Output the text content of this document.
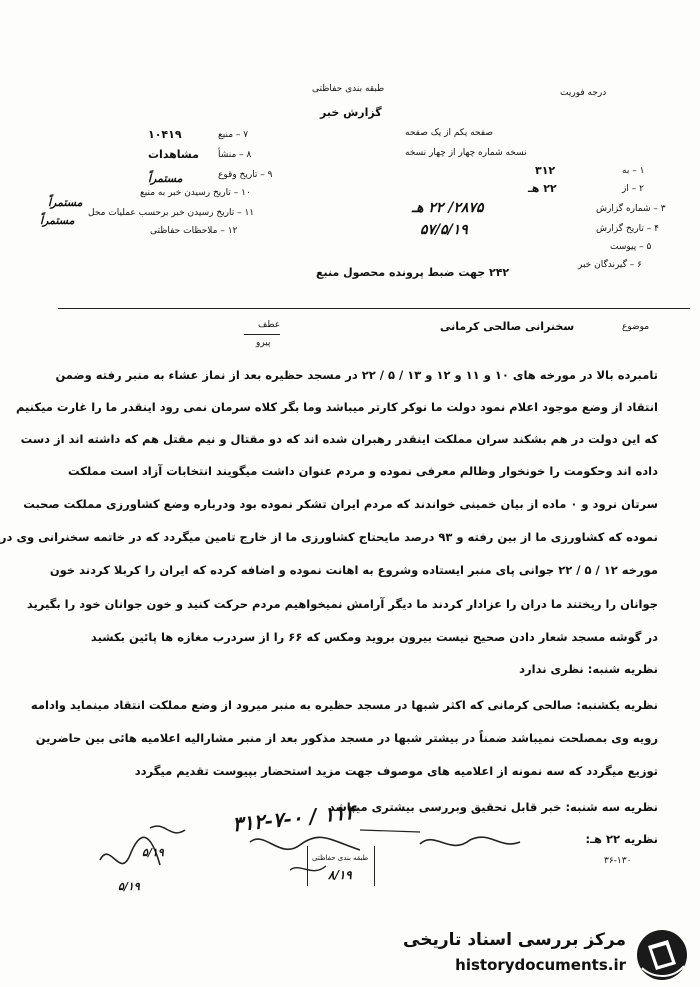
درجه فوریت
طبقه بندی حفاظتی
گزارش خبر
صفحه یکم از یک صفحه
نسخه شماره چهار از چهار نسخه
۷ – منبع
۱۰۴۱۹
۸ – منشأ
مشاهدات
۹ – تاریخ وقوع
مستمراً
۱۰ – تاریخ رسیدن خبر به منبع
مستمراً
۱۱ – تاریخ رسیدن خبر برحسب عملیات محل
مستمراً
۱۲ – ملاحظات حفاظتی
۱ – به
۳۱۲
۲ – از
۲۲ هـ
۳ – شماره گزارش
۲۸۷۵/ ۲۲ هـ
۴ – تاریخ گزارش
۵۷/۵/۱۹
۵ – پیوست
۶ – گیرندگان خبر
۲۴۲ جهت ضبط پرونده محصول منبع
موضوع
سخنرانی صالحی کرمانی
عطف
پیرو
تامبرده بالا در مورخه های ۱۰ و ۱۱ و ۱۲ و ۱۳ / ۵ / ۲۲ در مسجد حظیره بعد از نماز عشاء به منبر رفته وضمن
انتقاد از وضع موجود اعلام نمود دولت ما نوکر کارتر میباشد وما بگر کلاه سرمان نمی رود اینقدر ما را غارت میکنیم
که این دولت در هم بشکند سران مملکت اینقدر رهبران شده اند که دو مقتال و نیم مقتل هم که داشته اند از دست
داده اند وحکومت را خونخوار وظالم معرفی نموده و مردم عنوان داشت میگویند انتخابات آزاد است مملکت
سرتان نرود و ۰ ماده از بیان خمینی خواندند که مردم ایران تشکر نموده بود ودرباره وضع کشاورزی مملکت صحبت
نموده که کشاورزی ما از بین رفته و ۹۳ درصد مایحتاج کشاورزی ما از خارج تامین میگردد که در خاتمه سخنرانی وی در
مورخه ۱۲ / ۵ / ۲۲ جوانی پای منبر ایستاده وشروع به اهانت نموده و اضافه کرده که ایران را کربلا کردند خون
جوانان را ریختند ما دران را عزادار کردند ما دیگر آرامش نمیخواهیم مردم حرکت کنید و خون جوانان خود را بگیرید
در گوشه مسجد شعار دادن صحیح نیست بیرون بروید ومکس که ۶۶ را از سردرب مغازه ها پائین بکشید
نظریه شنبه: نظری ندارد
نظریه یکشنبه: صالحی کرمانی که اکثر شبها در مسجد حظیره به منبر میرود از وضع مملکت انتقاد مینماید وادامه
رویه وی بمصلحت نمیباشد ضمناً در بیشتر شبها در مسجد مذکور بعد از منبر مشارالیه اعلامیه هائی بین حاضرین
توزیع میگردد که سه نمونه از اعلامیه های موصوف جهت مزید استحضار بپیوست تقدیم میگردد
نظریه سه شنبه: خبر قابل تحقیق وبررسی بیشتری میباشد
نظریه ۲۲ هـ:
۳۱۲-۷-۰ / ۱۱۴
۵/۱۹
۵/۱۹
طبقه بندی حفاظتی
۸/۱۹
۳۶-۱۳۰
مرکز بررسی اسناد تاریخی
historydocuments.ir
